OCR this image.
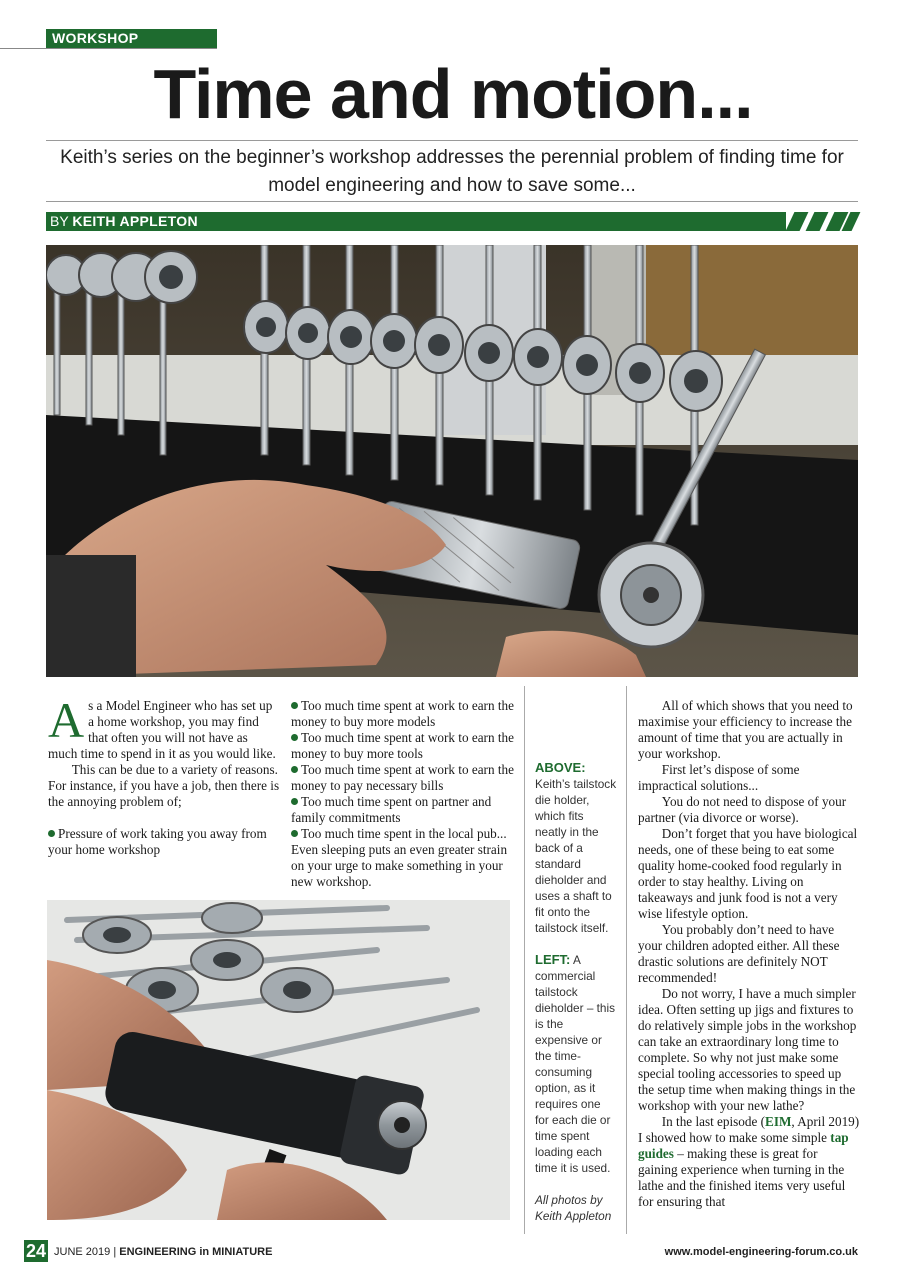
WORKSHOP
Time and motion...
Keith’s series on the beginner’s workshop addresses the perennial problem of finding time for model engineering and how to save some...
BY KEITH APPLETON

As a Model Engineer who has set up a home workshop, you may find that often you will not have as much time to spend in it as you would like.

This can be due to a variety of reasons. For instance, if you have a job, then there is the annoying problem of;

Pressure of work taking you away from your home workshop

Too much time spent at work to earn the money to buy more models

Too much time spent at work to earn the money to buy more tools

Too much time spent at work to earn the money to pay necessary bills

Too much time spent on partner and family commitments

Too much time spent in the local pub... Even sleeping puts an even greater strain on your urge to make something in your new workshop.

ABOVE:
Keith’s tailstock die holder, which fits neatly in the back of a standard dieholder and uses a shaft to fit onto the tailstock itself.

LEFT: A commercial tailstock dieholder – this is the expensive or the time-consuming option, as it requires one for each die or time spent loading each time it is used.

All photos by Keith Appleton

All of which shows that you need to maximise your efficiency to increase the amount of time that you are actually in your workshop.

First let’s dispose of some impractical solutions...

You do not need to dispose of your partner (via divorce or worse).

Don’t forget that you have biological needs, one of these being to eat some quality home-cooked food regularly in order to stay healthy. Living on takeaways and junk food is not a very wise lifestyle option.

You probably don’t need to have your children adopted either. All these drastic solutions are definitely NOT recommended!

Do not worry, I have a much simpler idea. Often setting up jigs and fixtures to do relatively simple jobs in the workshop can take an extraordinary long time to complete. So why not just make some special tooling accessories to speed up the setup time when making things in the workshop with your new lathe?

In the last episode (EIM, April 2019) I showed how to make some simple tap guides – making these is great for gaining experience when turning in the lathe and the finished items very useful for ensuring that

24 JUNE 2019 | ENGINEERING in MINIATURE	www.model-engineering-forum.co.uk
